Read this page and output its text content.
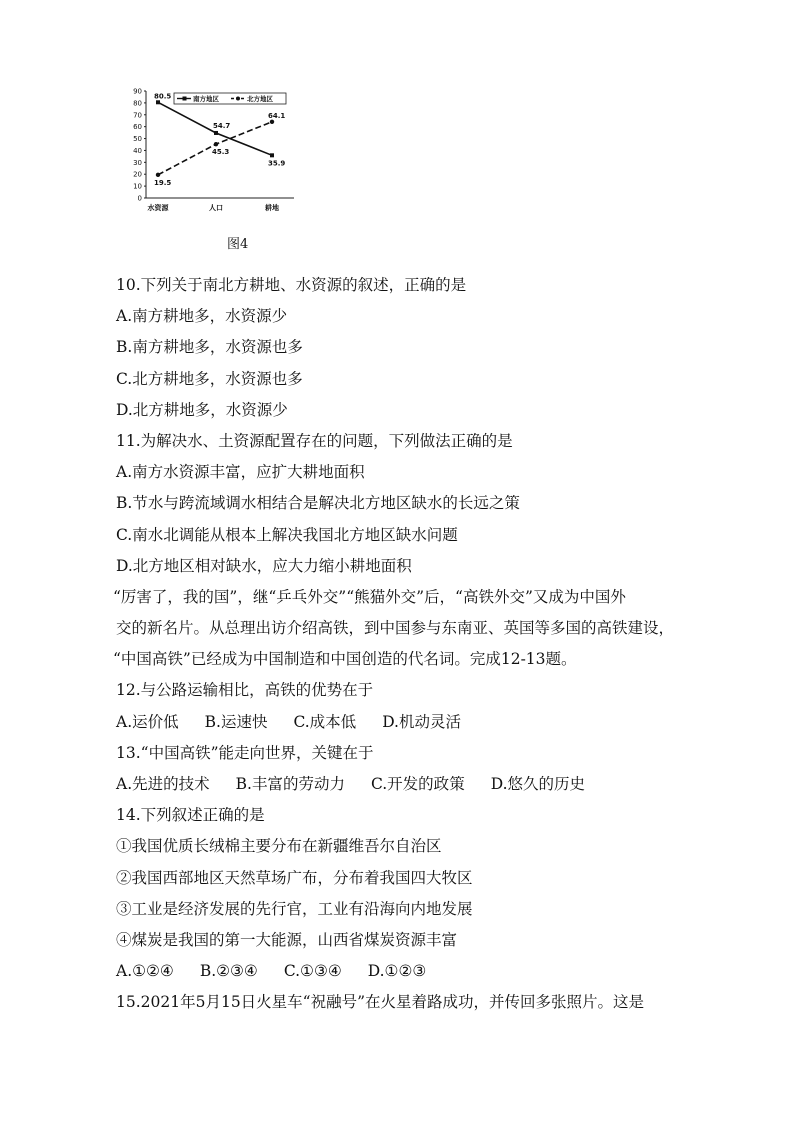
0
10
20
30
40
50
60
70
80
90
水资源	人口	耕地
80.5
54.7
35.9
19.5
45.3
64.1
南方地区	北方地区
图4
10.下列关于南北方耕地、水资源的叙述，正确的是
A.南方耕地多，水资源少
B.南方耕地多，水资源也多
C.北方耕地多，水资源也多
D.北方耕地多，水资源少
11.为解决水、土资源配置存在的问题，下列做法正确的是
A.南方水资源丰富，应扩大耕地面积
B.节水与跨流域调水相结合是解决北方地区缺水的长远之策
C.南水北调能从根本上解决我国北方地区缺水问题
D.北方地区相对缺水，应大力缩小耕地面积
“厉害了，我的国”，继“乒乓外交”“熊猫外交”后，“高铁外交”又成为中国外
交的新名片。从总理出访介绍高铁，到中国参与东南亚、英国等多国的高铁建设，
“中国高铁”已经成为中国制造和中国创造的代名词。完成12-13题。
12.与公路运输相比，高铁的优势在于
A.运价低 B.运速快 C.成本低 D.机动灵活
13.“中国高铁”能走向世界，关键在于
A.先进的技术 B.丰富的劳动力 C.开发的政策 D.悠久的历史
14.下列叙述正确的是
①我国优质长绒棉主要分布在新疆维吾尔自治区
②我国西部地区天然草场广布，分布着我国四大牧区
③工业是经济发展的先行官，工业有沿海向内地发展
④煤炭是我国的第一大能源，山西省煤炭资源丰富
A.①②④ B.②③④ C.①③④ D.①②③
15.2021年5月15日火星车“祝融号”在火星着路成功，并传回多张照片。这是
